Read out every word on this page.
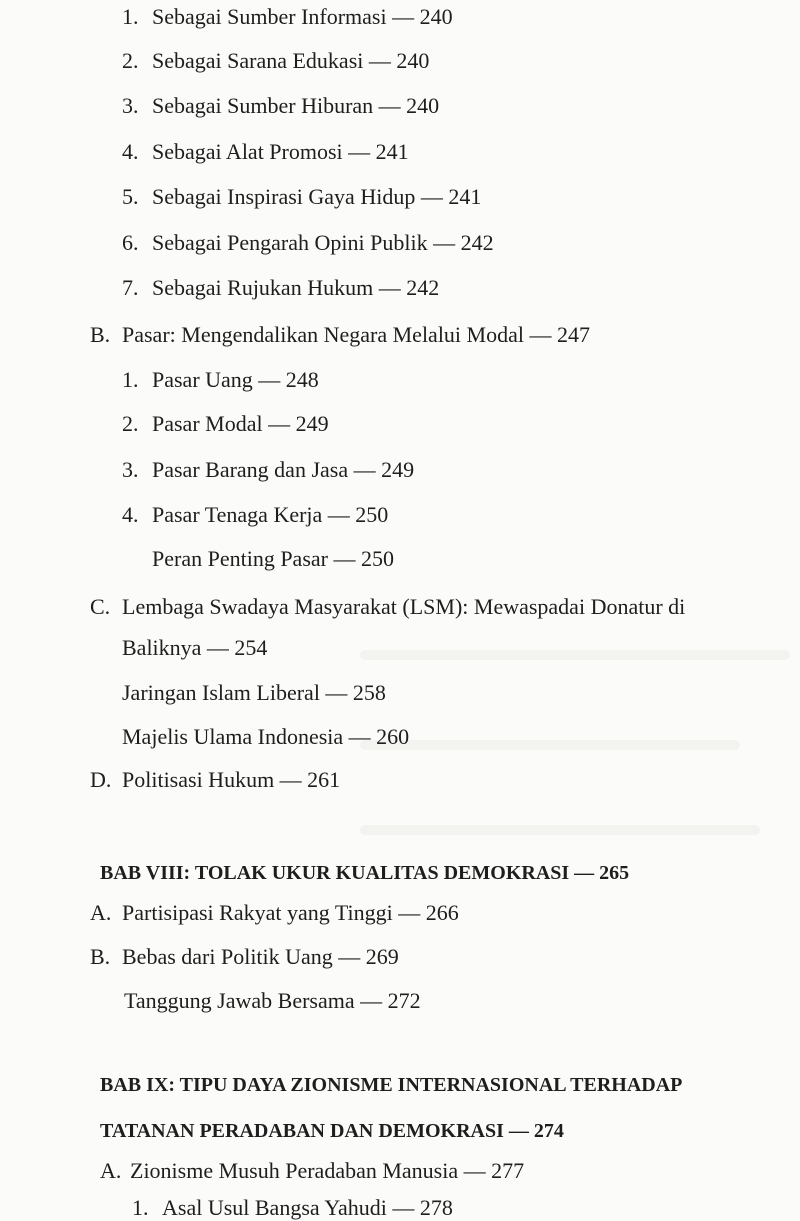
1. Sebagai Sumber Informasi — 240
2. Sebagai Sarana Edukasi — 240
3. Sebagai Sumber Hiburan — 240
4. Sebagai Alat Promosi — 241
5. Sebagai Inspirasi Gaya Hidup — 241
6. Sebagai Pengarah Opini Publik — 242
7. Sebagai Rujukan Hukum — 242
B. Pasar: Mengendalikan Negara Melalui Modal — 247
1. Pasar Uang — 248
2. Pasar Modal — 249
3. Pasar Barang dan Jasa — 249
4. Pasar Tenaga Kerja — 250
Peran Penting Pasar — 250
C. Lembaga Swadaya Masyarakat (LSM): Mewaspadai Donatur di
Baliknya — 254
Jaringan Islam Liberal — 258
Majelis Ulama Indonesia — 260
D. Politisasi Hukum — 261
BAB VIII: TOLAK UKUR KUALITAS DEMOKRASI — 265
A. Partisipasi Rakyat yang Tinggi — 266
B. Bebas dari Politik Uang — 269
Tanggung Jawab Bersama — 272
BAB IX: TIPU DAYA ZIONISME INTERNASIONAL TERHADAP
TATANAN PERADABAN DAN DEMOKRASI — 274
A. Zionisme Musuh Peradaban Manusia — 277
1. Asal Usul Bangsa Yahudi — 278
